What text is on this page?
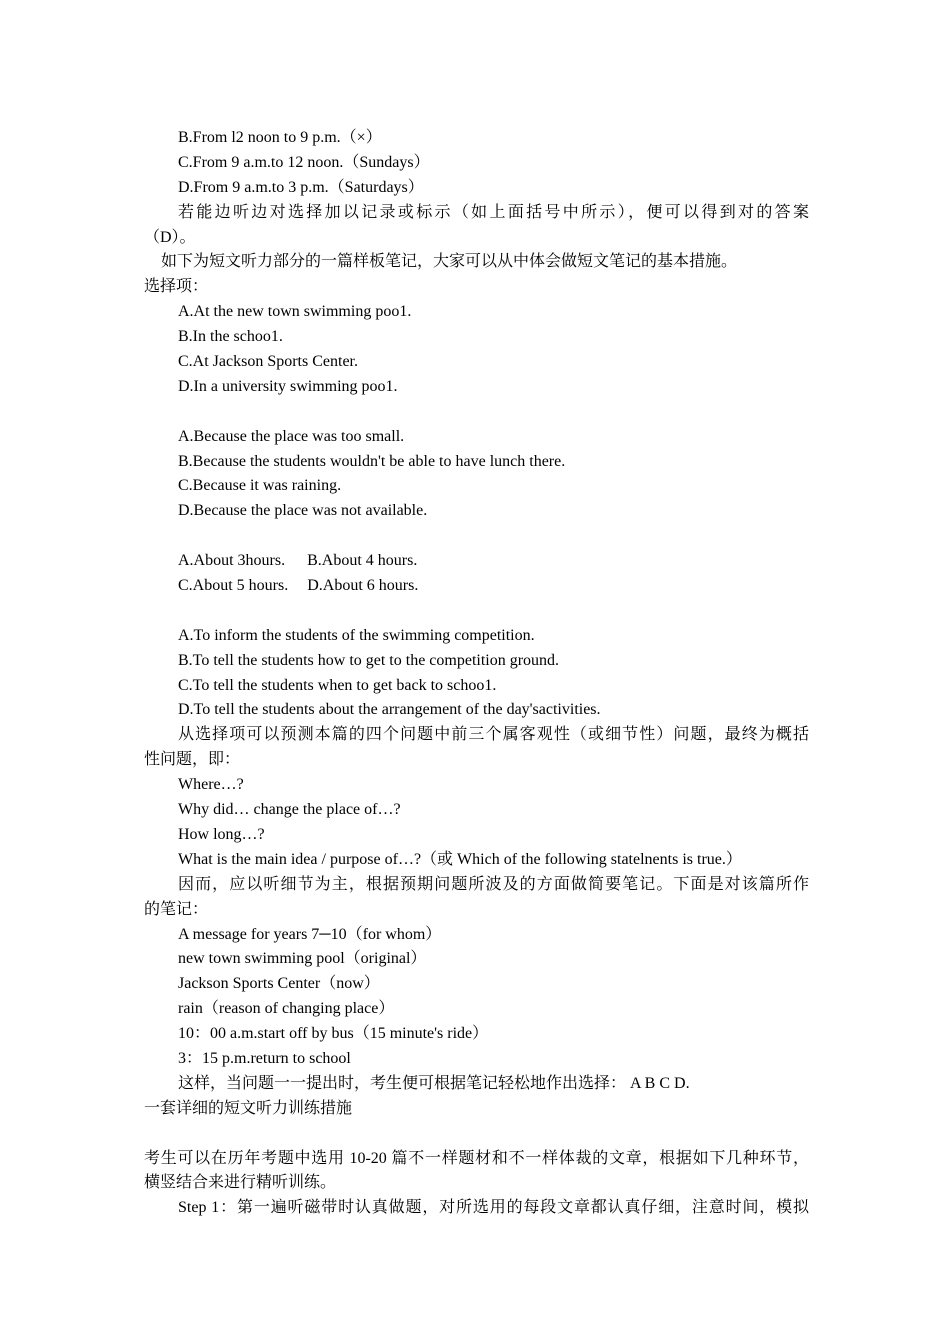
B.From l2 noon to 9 p.m.（×）
C.From 9 a.m.to 12 noon.（Sundays）
D.From 9 a.m.to 3 p.m.（Saturdays）
若能边听边对选择加以记录或标示（如上面括号中所示），便可以得到对的答案
（D）。
如下为短文听力部分的一篇样板笔记，大家可以从中体会做短文笔记的基本措施。
选择项：
A.At the new town swimming poo1.
B.In the schoo1.
C.At Jackson Sports Center.
D.In a university swimming poo1.
A.Because the place was too small.
B.Because the students wouldn't be able to have lunch there.
C.Because it was raining.
D.Because the place was not available.
A.About 3hours. B.About 4 hours.
C.About 5 hours. D.About 6 hours.
A.To inform the students of the swimming competition.
B.To tell the students how to get to the competition ground.
C.To tell the students when to get back to schoo1.
D.To tell the students about the arrangement of the day'sactivities.
从选择项可以预测本篇的四个问题中前三个属客观性（或细节性）问题，最终为概括
性问题，即：
Where…?
Why did… change the place of…?
How long…?
What is the main idea / purpose of…?（或 Which of the following statelnents is true.）
因而，应以听细节为主，根据预期问题所波及的方面做简要笔记。下面是对该篇所作
的笔记：
A message for years 7─10（for whom）
new town swimming pool（original）
Jackson Sports Center（now）
rain（reason of changing place）
10：00 a.m.start off by bus（15 minute's ride）
3：15 p.m.return to school
这样，当问题一一提出时，考生便可根据笔记轻松地作出选择： A B C D.
一套详细的短文听力训练措施
考生可以在历年考题中选用 10-20 篇不一样题材和不一样体裁的文章，根据如下几种环节，
横竖结合来进行精听训练。
Step 1：第一遍听磁带时认真做题，对所选用的每段文章都认真仔细，注意时间，模拟
